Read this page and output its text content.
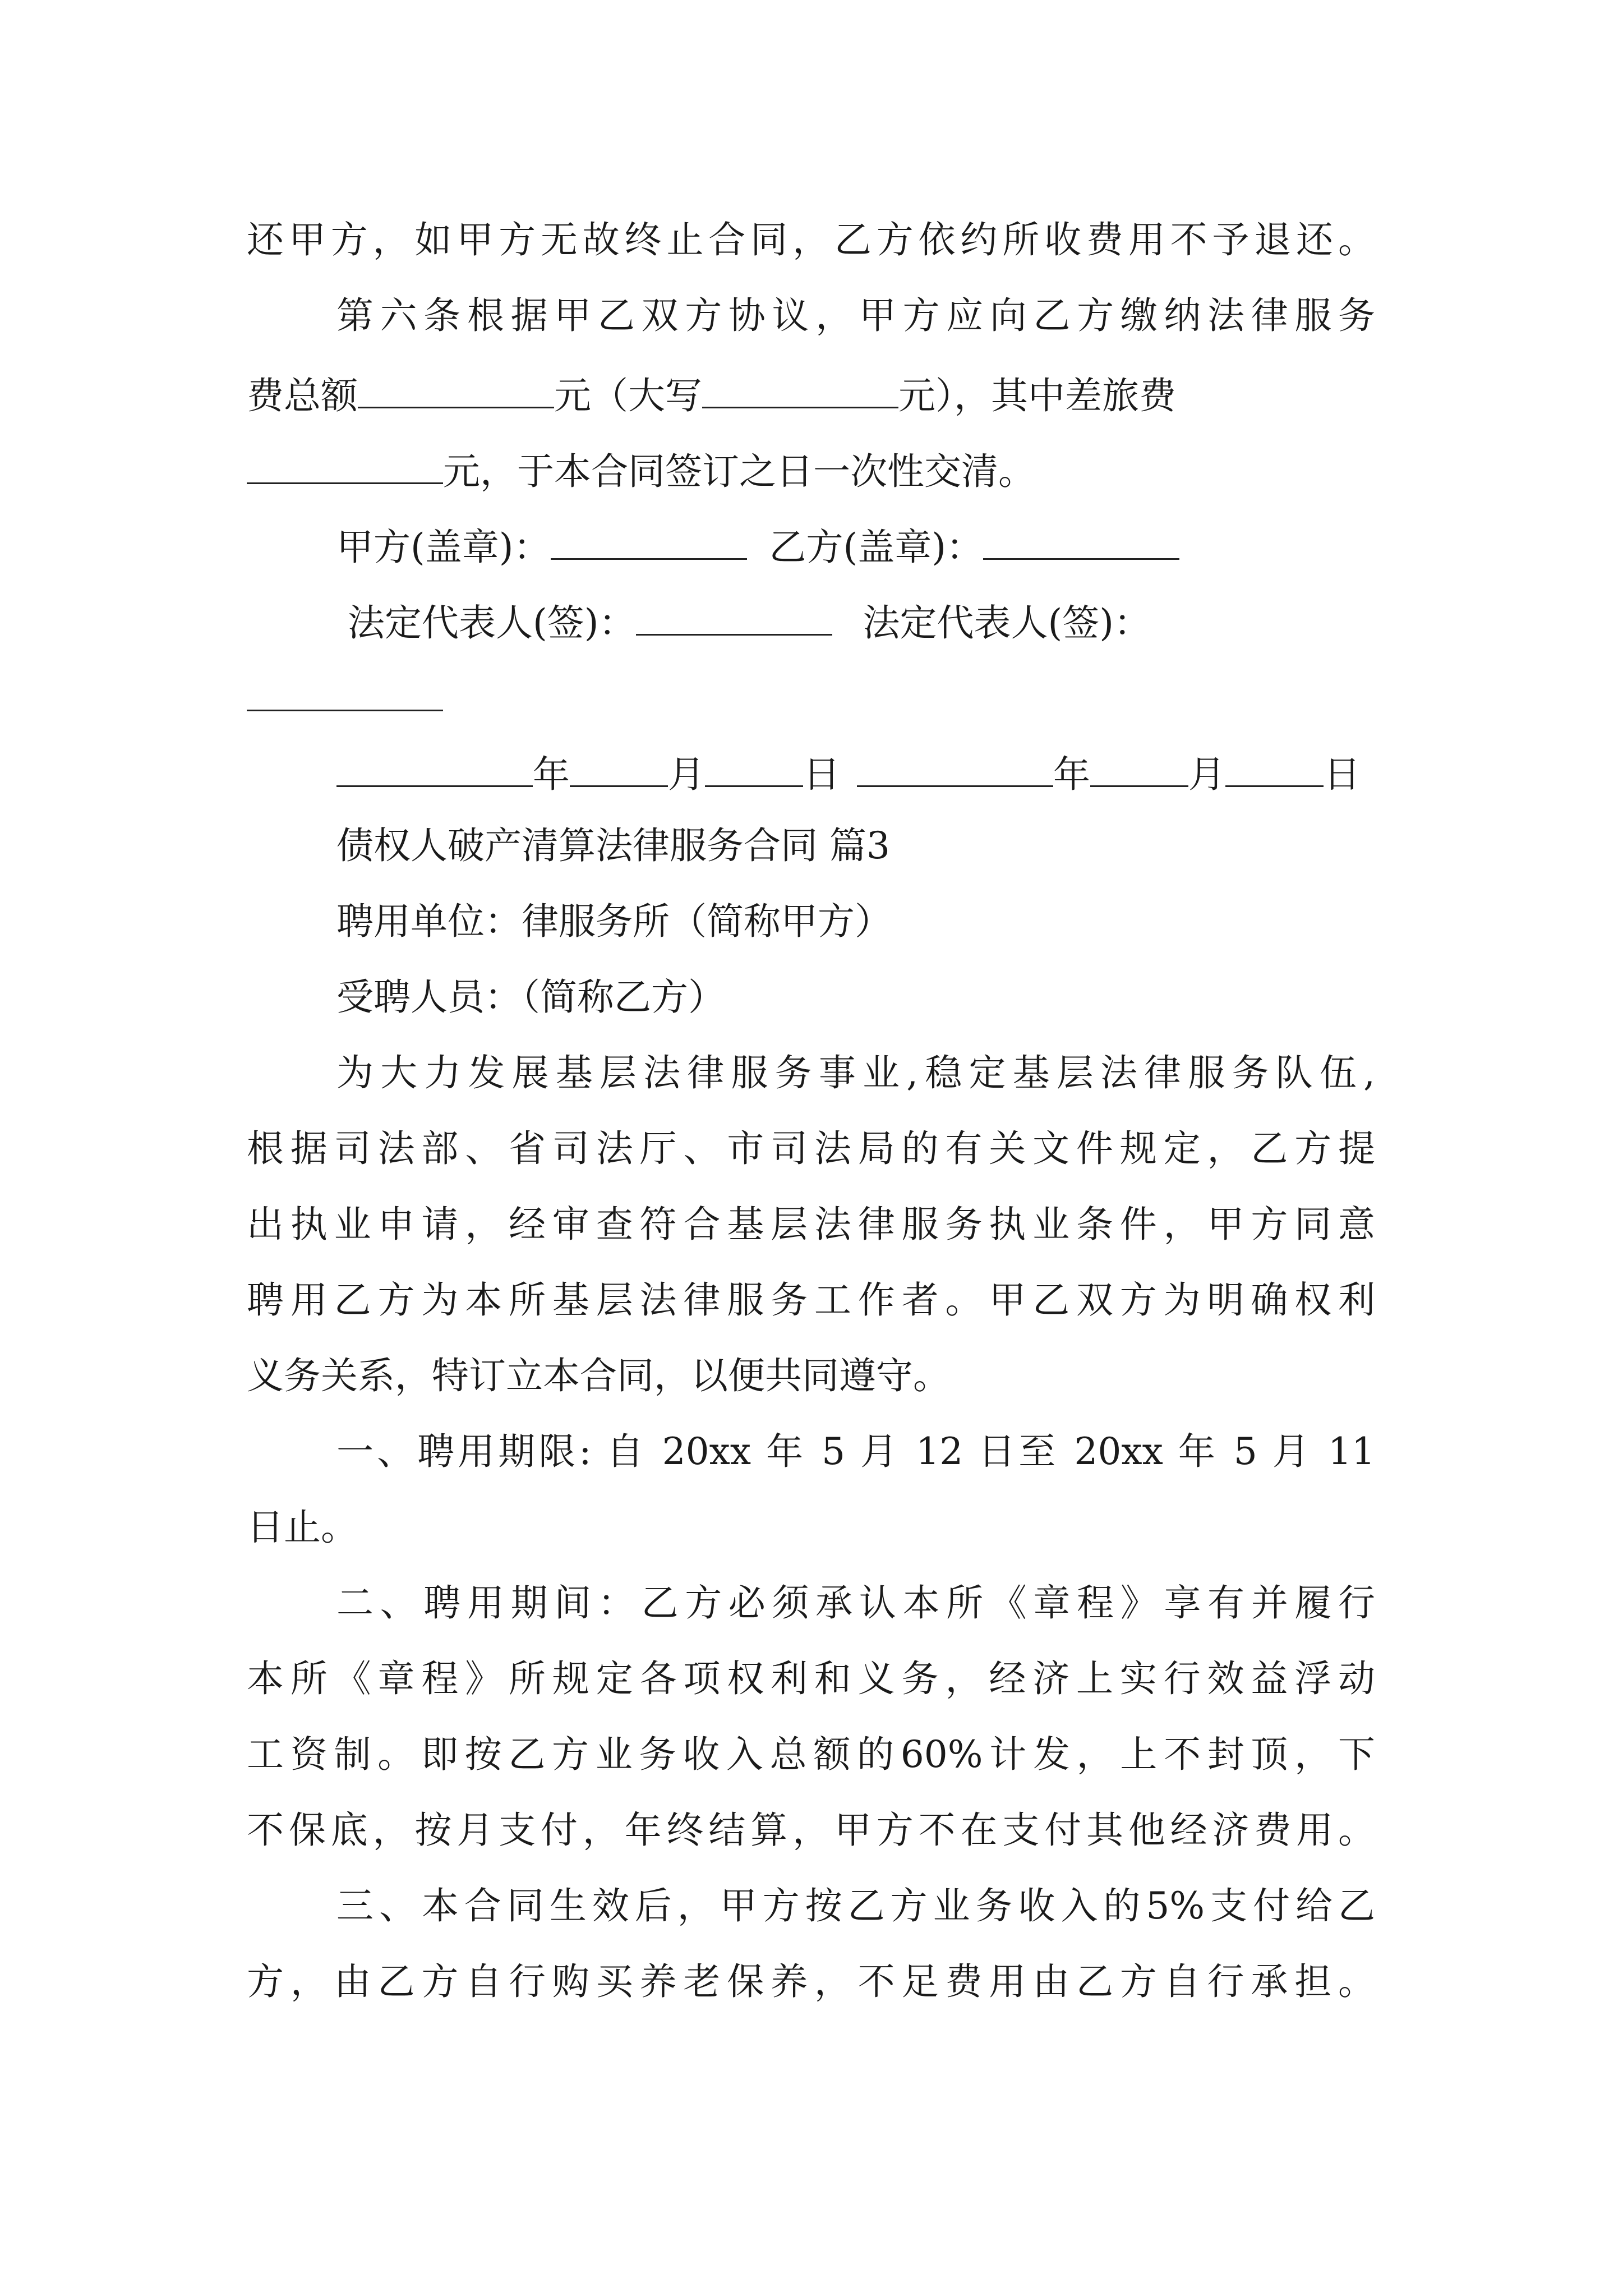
还甲方，如甲方无故终止合同，乙方依约所收费用不予退还。
第六条根据甲乙双方协议，甲方应向乙方缴纳法律服务
费总额	元（大写	元），其中差旅费
元，于本合同签订之日一次性交清。
甲方(盖章)：	乙方(盖章)：
法定代表人(签)：	法定代表人(签)：
年	月	日	年	月	日
债权人破产清算法律服务合同 篇3
聘用单位：律服务所（简称甲方）
受聘人员：（简称乙方）
为大力发展基层法律服务事业,稳定基层法律服务队伍,
根据司法部、省司法厅、市司法局的有关文件规定，乙方提
出执业申请，经审查符合基层法律服务执业条件，甲方同意
聘用乙方为本所基层法律服务工作者。甲乙双方为明确权利
义务关系，特订立本合同，以便共同遵守。
一、聘用期限: 自 20xx 年 5 月 12 日至 20xx 年 5 月 11
日止。
二、聘用期间：乙方必须承认本所《章程》享有并履行
本所《章程》所规定各项权利和义务，经济上实行效益浮动
工资制。即按乙方业务收入总额的60%计发，上不封顶，下
不保底，按月支付，年终结算，甲方不在支付其他经济费用。
三、本合同生效后，甲方按乙方业务收入的5%支付给乙
方，由乙方自行购买养老保养，不足费用由乙方自行承担。
